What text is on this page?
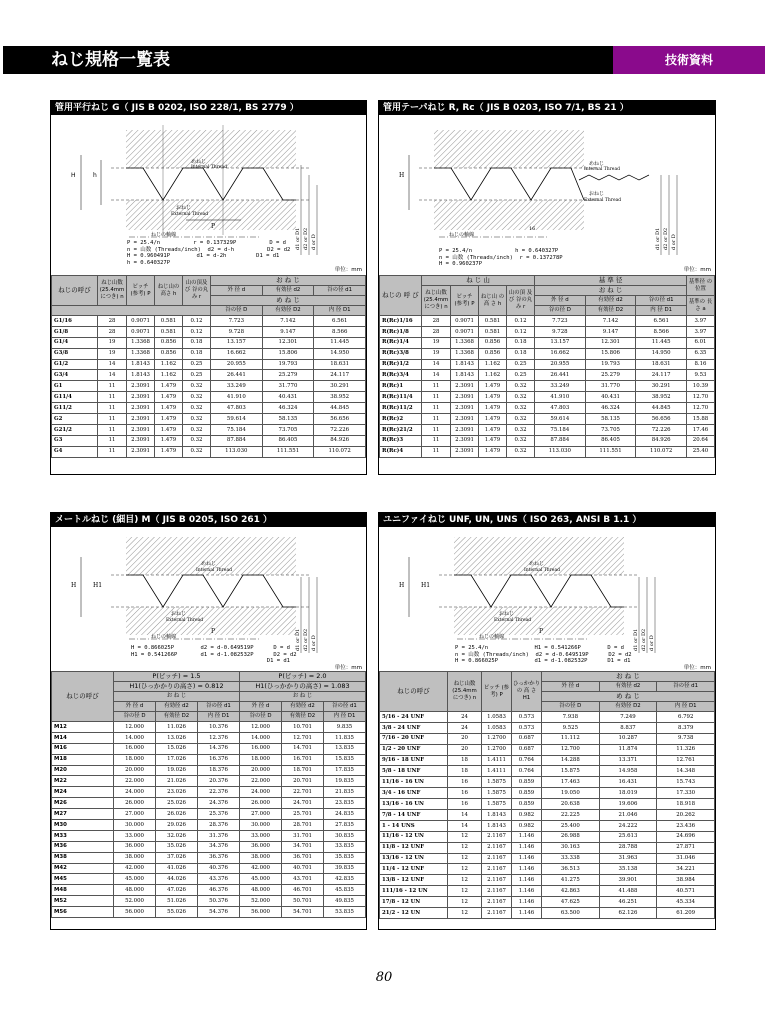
ねじ規格一覧表	技術資料
管用平行ねじ G（ JIS B 0202, ISO 228/1, BS 2779 ）
H	h
めねじ
Internal Thread
おねじ
External Thread
P
d1 or D1 d2 or D2 d or D
ねじの軸線
P = 25.4/n          r = 0.137329P          D = d
n = 山数 (Threads/inch)  d2 = d-h          D2 = d2
H = 0.960491P        d1 = d-2h         D1 = d1
h = 0.640327P
単位：mm
ねじの呼び	ねじ山数 (25.4mm につき) n	ピッチ (参考) P	ねじ山の 高さ h	山の頂及び 谷の丸み r	お ね じ		
					外 径 d	有効径 d2	谷の径 d1
					め ね じ		
					谷の径 D	有効径 D2	内 径 D1
G1/16	28	0.9071	0.581	0.12	7.723	7.142	6.561
G1/8	28	0.9071	0.581	0.12	9.728	9.147	8.566
G1/4	19	1.3368	0.856	0.18	13.157	12.301	11.445
G3/8	19	1.3368	0.856	0.18	16.662	15.806	14.950
G1/2	14	1.8143	1.162	0.25	20.955	19.793	18.631
G3/4	14	1.8143	1.162	0.25	26.441	25.279	24.117
G1	11	2.3091	1.479	0.32	33.249	31.770	30.291
G11/4	11	2.3091	1.479	0.32	41.910	40.431	38.952
G11/2	11	2.3091	1.479	0.32	47.803	46.324	44.845
G2	11	2.3091	1.479	0.32	59.614	58.135	56.656
G21/2	11	2.3091	1.479	0.32	75.184	73.705	72.226
G3	11	2.3091	1.479	0.32	87.884	86.405	84.926
G4	11	2.3091	1.479	0.32	113.030	111.551	110.072
管用テーパねじ R, Rc（ JIS B 0203, ISO 7/1, BS 21 ）
H
めねじ
Internal Thread
おねじ
External Thread
d1 or D1 d2 or D2 d or D
ねじの軸線
16
P = 25.4/n             h = 0.640327P
n = 山数 (Threads/inch)  r = 0.137278P
H = 0.960237P
単位：mm
ねじの 呼 び	ね じ 山				基 準 径			基準径 の位置
	ねじ山数 (25.4mm につき) n	ピッチ (参考) P	ねじ山 の 高 さ h	山の頂 及び 谷の丸み r	お ね じ			
					外 径 d	有効径 d2	谷の径 d1	基準の 長 さ a
					谷の径 D	有効径 D2	内 径 D1	
R(Rc)1/16	28	0.9071	0.581	0.12	7.723	7.142	6.561	3.97
R(Rc)1/8	28	0.9071	0.581	0.12	9.728	9.147	8.566	3.97
R(Rc)1/4	19	1.3368	0.856	0.18	13.157	12.301	11.445	6.01
R(Rc)3/8	19	1.3368	0.856	0.18	16.662	15.806	14.950	6.35
R(Rc)1/2	14	1.8143	1.162	0.25	20.955	19.793	18.631	8.16
R(Rc)3/4	14	1.8143	1.162	0.25	26.441	25.279	24.117	9.53
R(Rc)1	11	2.3091	1.479	0.32	33.249	31.770	30.291	10.39
R(Rc)11/4	11	2.3091	1.479	0.32	41.910	40.431	38.952	12.70
R(Rc)11/2	11	2.3091	1.479	0.32	47.803	46.324	44.845	12.70
R(Rc)2	11	2.3091	1.479	0.32	59.614	58.135	56.656	15.88
R(Rc)21/2	11	2.3091	1.479	0.32	75.184	73.705	72.226	17.46
R(Rc)3	11	2.3091	1.479	0.32	87.884	86.405	84.926	20.64
R(Rc)4	11	2.3091	1.479	0.32	113.030	111.551	110.072	25.40
メートルねじ (細目) M（ JIS B 0205, ISO 261 ）
H	H1
めねじ
Internal Thread
おねじ
External Thread
P	d1 or D1 d2 or D2 d or D
ねじの軸線
H = 0.866025P        d2 = d-0.649519P      D = d
H1 = 0.541266P       d1 = d-1.082532P      D2 = d2
D1 = d1
単位：mm
ねじの呼び	P(ピッチ) = 1.5			P(ピッチ) = 2.0		
	H1(ひっかかりの高さ) = 0.812			H1(ひっかかりの高さ) = 1.083		
	お ね じ			お ね じ		
	外 径 d	有効径 d2	谷の径 d1	外 径 d	有効径 d2	谷の径 d1
	谷の径 D	有効径 D2	内 径 D1	谷の径 D	有効径 D2	内 径 D1
M12	12.000	11.026	10.376	12.000	10.701	9.835
M14	14.000	13.026	12.376	14.000	12.701	11.835
M16	16.000	15.026	14.376	16.000	14.701	13.835
M18	18.000	17.026	16.376	18.000	16.701	15.835
M20	20.000	19.026	18.376	20.000	18.701	17.835
M22	22.000	21.026	20.376	22.000	20.701	19.835
M24	24.000	23.026	22.376	24.000	22.701	21.835
M26	26.000	25.026	24.376	26.000	24.701	23.835
M27	27.000	26.026	25.376	27.000	25.701	24.835
M30	30.000	29.026	28.376	30.000	28.701	27.835
M33	33.000	32.026	31.376	33.000	31.701	30.835
M36	36.000	35.026	34.376	36.000	34.701	33.835
M38	38.000	37.026	36.376	38.000	36.701	35.835
M42	42.000	41.026	40.376	42.000	40.701	39.835
M45	45.000	44.026	43.376	45.000	43.701	42.835
M48	48.000	47.026	46.376	48.000	46.701	45.835
M52	52.000	51.026	50.376	52.000	50.701	49.835
M56	56.000	55.026	54.376	56.000	54.701	53.835
ユニファイねじ UNF, UN, UNS（ ISO 263, ANSI B 1.1 ）
H	H1
めねじ
Internal Thread
おねじ
External Thread
P	d1 or D1 d2 or D2 d or D
ねじの軸線
P = 25.4/n              H1 = 0.541266P        D = d
n = 山数 (Threads/inch)  d2 = d-0.649519P      D2 = d2
H = 0.866025P           d1 = d-1.082532P      D1 = d1
単位：mm
ねじの呼び	ねじ山数 (25.4mm につき) n	ピッチ (参考) P	ひっかかり の 高 さ H1	お ね じ		
				外 径 d	有効径 d2	谷の径 d1
				め ね じ		
				谷の径 D	有効径 D2	内 径 D1
5/16 - 24 UNF	24	1.0583	0.573	7.938	7.249	6.792
3/8 - 24 UNF	24	1.0583	0.573	9.525	8.837	8.379
7/16 - 20 UNF	20	1.2700	0.687	11.112	10.287	9.738
1/2 - 20 UNF	20	1.2700	0.687	12.700	11.874	11.326
9/16 - 18 UNF	18	1.4111	0.764	14.288	13.371	12.761
5/8 - 18 UNF	18	1.4111	0.764	15.875	14.958	14.348
11/16 - 16 UN	16	1.5875	0.859	17.463	16.431	15.743
3/4 - 16 UNF	16	1.5875	0.859	19.050	18.019	17.330
13/16 - 16 UN	16	1.5875	0.859	20.638	19.606	18.918
7/8 - 14 UNF	14	1.8143	0.982	22.225	21.046	20.262
1 - 14 UNS	14	1.8143	0.982	25.400	24.222	23.436
11/16 - 12 UN	12	2.1167	1.146	26.988	25.613	24.696
11/8 - 12 UNF	12	2.1167	1.146	30.163	28.788	27.871
13/16 - 12 UN	12	2.1167	1.146	33.338	31.963	31.046
11/4 - 12 UNF	12	2.1167	1.146	36.513	35.138	34.221
13/8 - 12 UNF	12	2.1167	1.146	41.275	39.901	38.984
111/16 - 12 UN	12	2.1167	1.146	42.863	41.488	40.571
17/8 - 12 UN	12	2.1167	1.146	47.625	46.251	45.334
21/2 - 12 UN	12	2.1167	1.146	63.500	62.126	61.209
80
